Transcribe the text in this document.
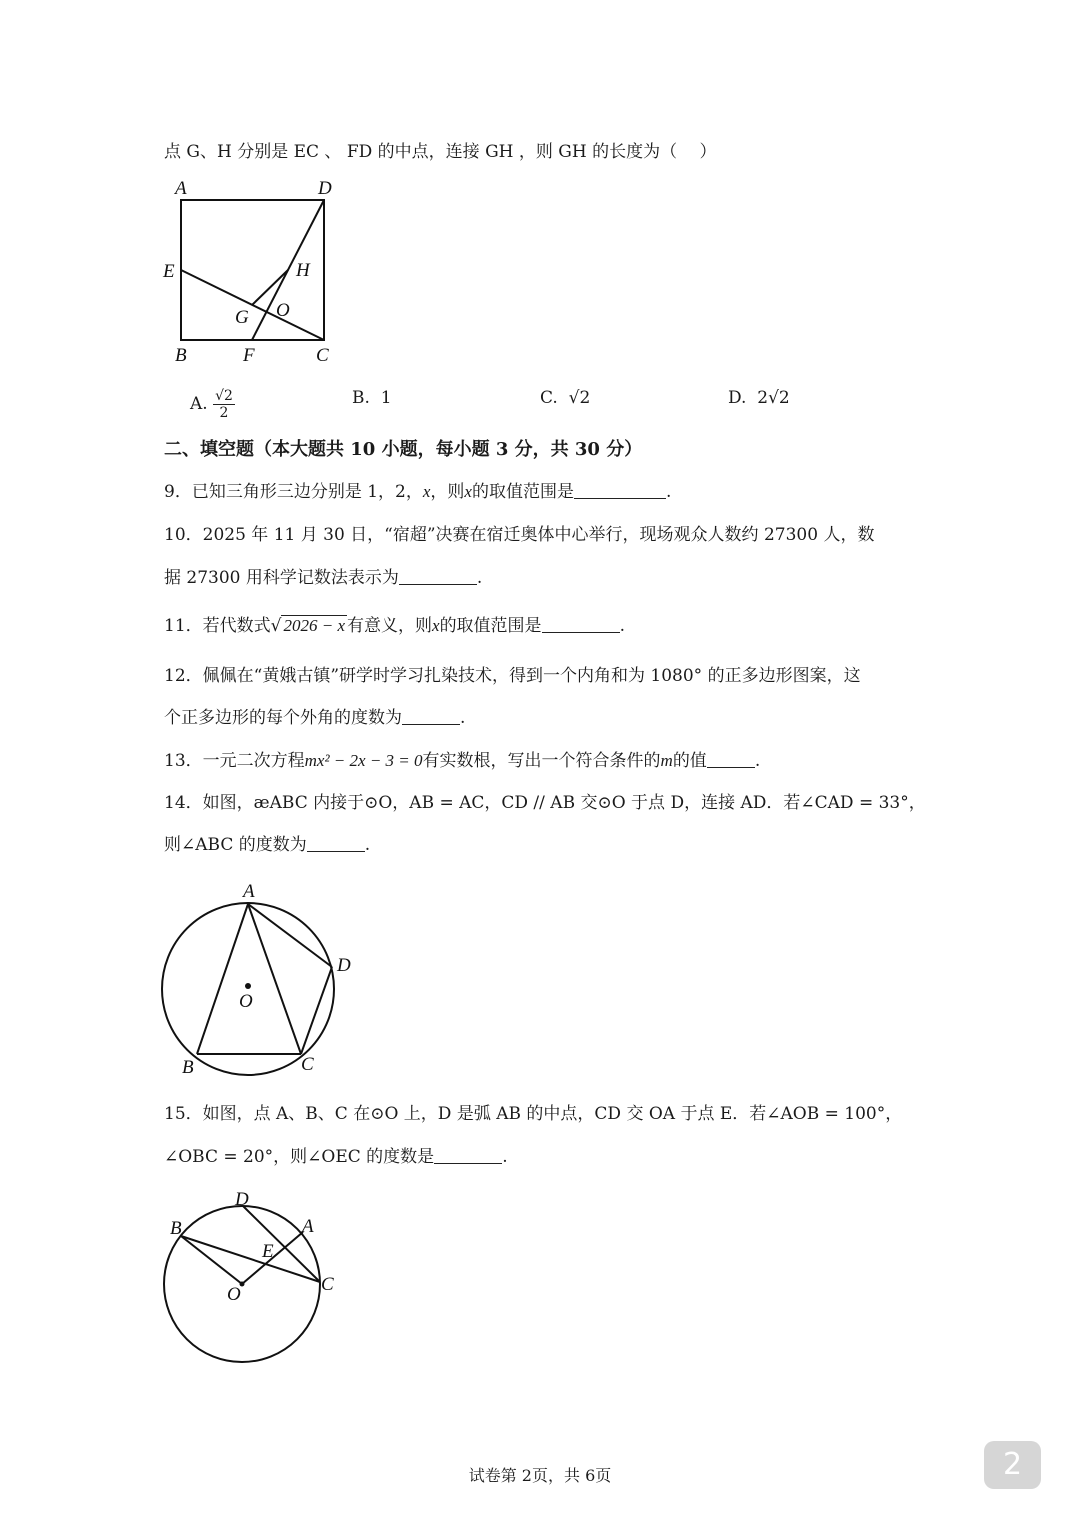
点 G、H 分别是 EC 、 FD 的中点，连接 GH ，则 GH 的长度为（　 ）
A	D
E	H
O
G
B	F	C
A. $\frac{√2}{2}$	B. 1	C. √2	D. 2√2
二、填空题（本大题共 10 小题，每小题 3 分，共 30 分）
9．已知三角形三边分别是 1，2，x，则x的取值范围是	.
10．2025 年 11 月 30 日，“宿超”决赛在宿迁奥体中心举行，现场观众人数约 27300 人，数
据 27300 用科学记数法表示为	.
11．若代数式√ 2026 − x 有意义，则x的取值范围是	.
12．佩佩在“黄娥古镇”研学时学习扎染技术，得到一个内角和为 1080° 的正多边形图案，这
个正多边形的每个外角的度数为	.
13．一元二次方程mx² − 2x − 3 = 0有实数根，写出一个符合条件的m的值	.
14．如图，æABC 内接于⊙O，AB = AC，CD // AB 交⊙O 于点 D，连接 AD．若∠CAD = 33°，
则∠ABC 的度数为	.
A
D
O
B	C
15．如图，点 A、B、C 在⊙O 上，D 是弧 AB 的中点，CD 交 OA 于点 E．若∠AOB = 100°，
∠OBC = 20°，则∠OEC 的度数是	.
D
B	A
E
O	C
试卷第 2页，共 6页	2
